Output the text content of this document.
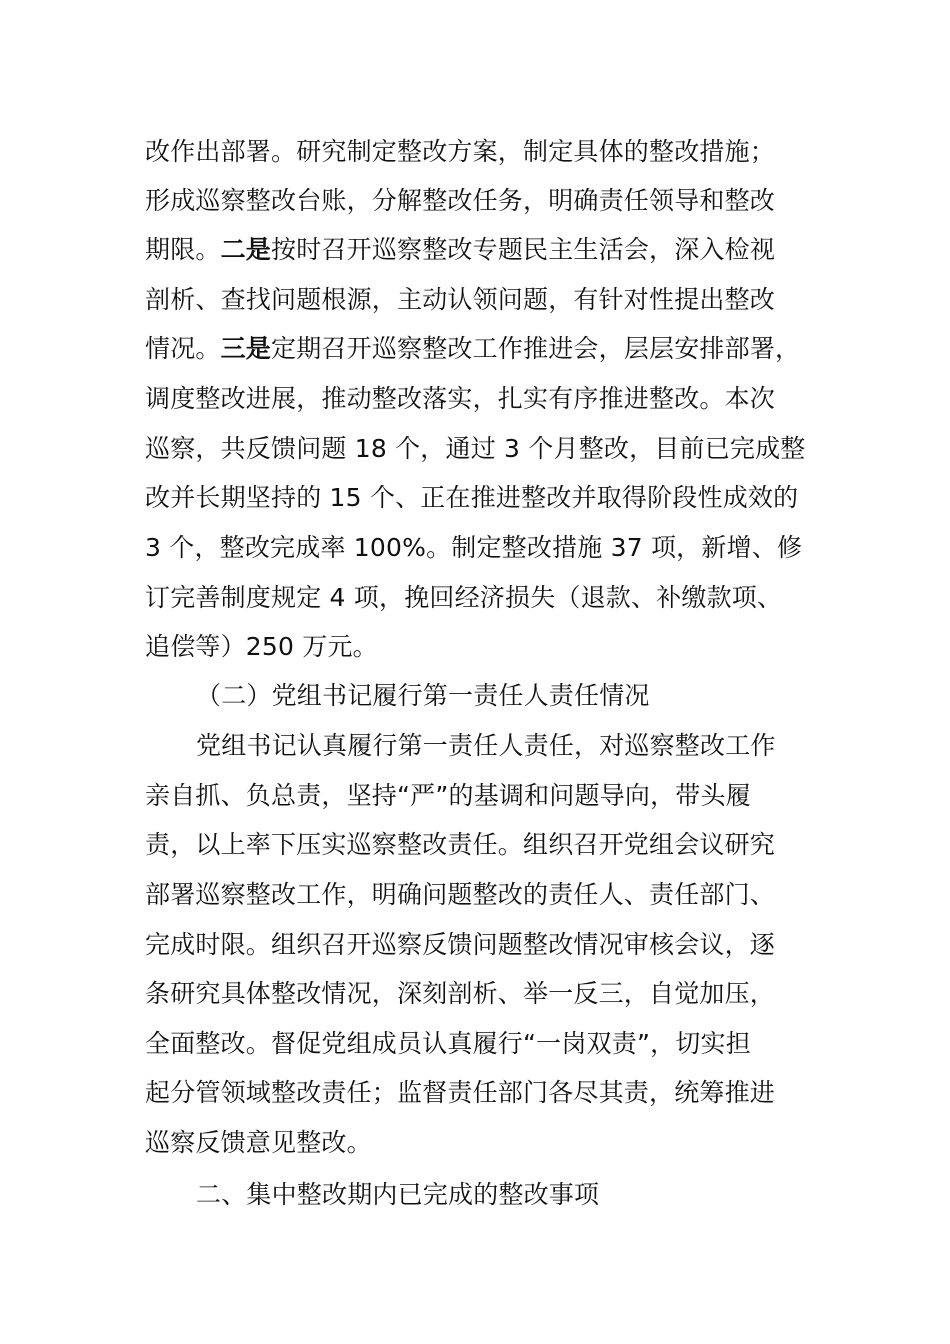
改作出部署。研究制定整改方案，制定具体的整改措施；
形成巡察整改台账，分解整改任务，明确责任领导和整改
期限。二是按时召开巡察整改专题民主生活会，深入检视
剖析、查找问题根源，主动认领问题，有针对性提出整改
情况。三是定期召开巡察整改工作推进会，层层安排部署，
调度整改进展，推动整改落实，扎实有序推进整改。本次
巡察，共反馈问题 18 个，通过 3 个月整改，目前已完成整
改并长期坚持的 15 个、正在推进整改并取得阶段性成效的
3 个，整改完成率 100%。制定整改措施 37 项，新增、修
订完善制度规定 4 项，挽回经济损失（退款、补缴款项、
追偿等）250 万元。
（二）党组书记履行第一责任人责任情况
党组书记认真履行第一责任人责任，对巡察整改工作
亲自抓、负总责，坚持“严”的基调和问题导向，带头履
责，以上率下压实巡察整改责任。组织召开党组会议研究
部署巡察整改工作，明确问题整改的责任人、责任部门、
完成时限。组织召开巡察反馈问题整改情况审核会议，逐
条研究具体整改情况，深刻剖析、举一反三，自觉加压，
全面整改。督促党组成员认真履行“一岗双责”，切实担
起分管领域整改责任；监督责任部门各尽其责，统筹推进
巡察反馈意见整改。
二、集中整改期内已完成的整改事项
